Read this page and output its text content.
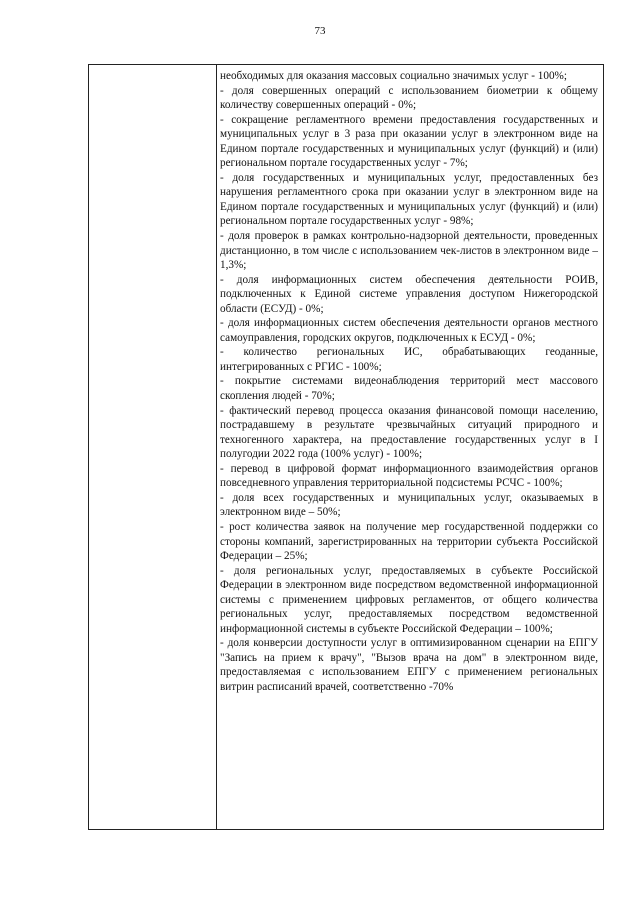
73

необходимых для оказания массовых социально значимых услуг - 100%;

- доля совершенных операций с использованием биометрии к общему количеству совершенных операций - 0%;

- сокращение регламентного времени предоставления государственных и муниципальных услуг в 3 раза при оказании услуг в электронном виде на Едином портале государственных и муниципальных услуг (функций) и (или) региональном портале государственных услуг - 7%;

- доля государственных и муниципальных услуг, предоставленных без нарушения регламентного срока при оказании услуг в электронном виде на Едином портале государственных и муниципальных услуг (функций) и (или) региональном портале государственных услуг - 98%;

- доля проверок в рамках контрольно-надзорной деятельности, проведенных дистанционно, в том числе с использованием чек-листов в электронном виде – 1,3%;

- доля информационных систем обеспечения деятельности РОИВ, подключенных к Единой системе управления доступом Нижегородской области (ЕСУД) - 0%;

- доля информационных систем обеспечения деятельности органов местного самоуправления, городских округов, подключенных к ЕСУД - 0%;

- количество региональных ИС, обрабатывающих геоданные, интегрированных с РГИС - 100%;

- покрытие системами видеонаблюдения территорий мест массового скопления людей - 70%;

- фактический перевод процесса оказания финансовой помощи населению, пострадавшему в результате чрезвычайных ситуаций природного и техногенного характера, на предоставление государственных услуг в I полугодии 2022 года (100% услуг) - 100%;

- перевод в цифровой формат информационного взаимодействия органов повседневного управления территориальной подсистемы РСЧС - 100%;

- доля всех государственных и муниципальных услуг, оказываемых в электронном виде – 50%;

- рост количества заявок на получение мер государственной поддержки со стороны компаний, зарегистрированных на территории субъекта Российской Федерации – 25%;

- доля региональных услуг, предоставляемых в субъекте Российской Федерации в электронном виде посредством ведомственной информационной системы с применением цифровых регламентов, от общего количества региональных услуг, предоставляемых посредством ведомственной информационной системы в субъекте Российской Федерации – 100%;

- доля конверсии доступности услуг в оптимизированном сценарии на ЕПГУ "Запись на прием к врачу", "Вызов врача на дом" в электронном виде, предоставляемая с использованием ЕПГУ с применением региональных витрин расписаний врачей, соответственно -70%
